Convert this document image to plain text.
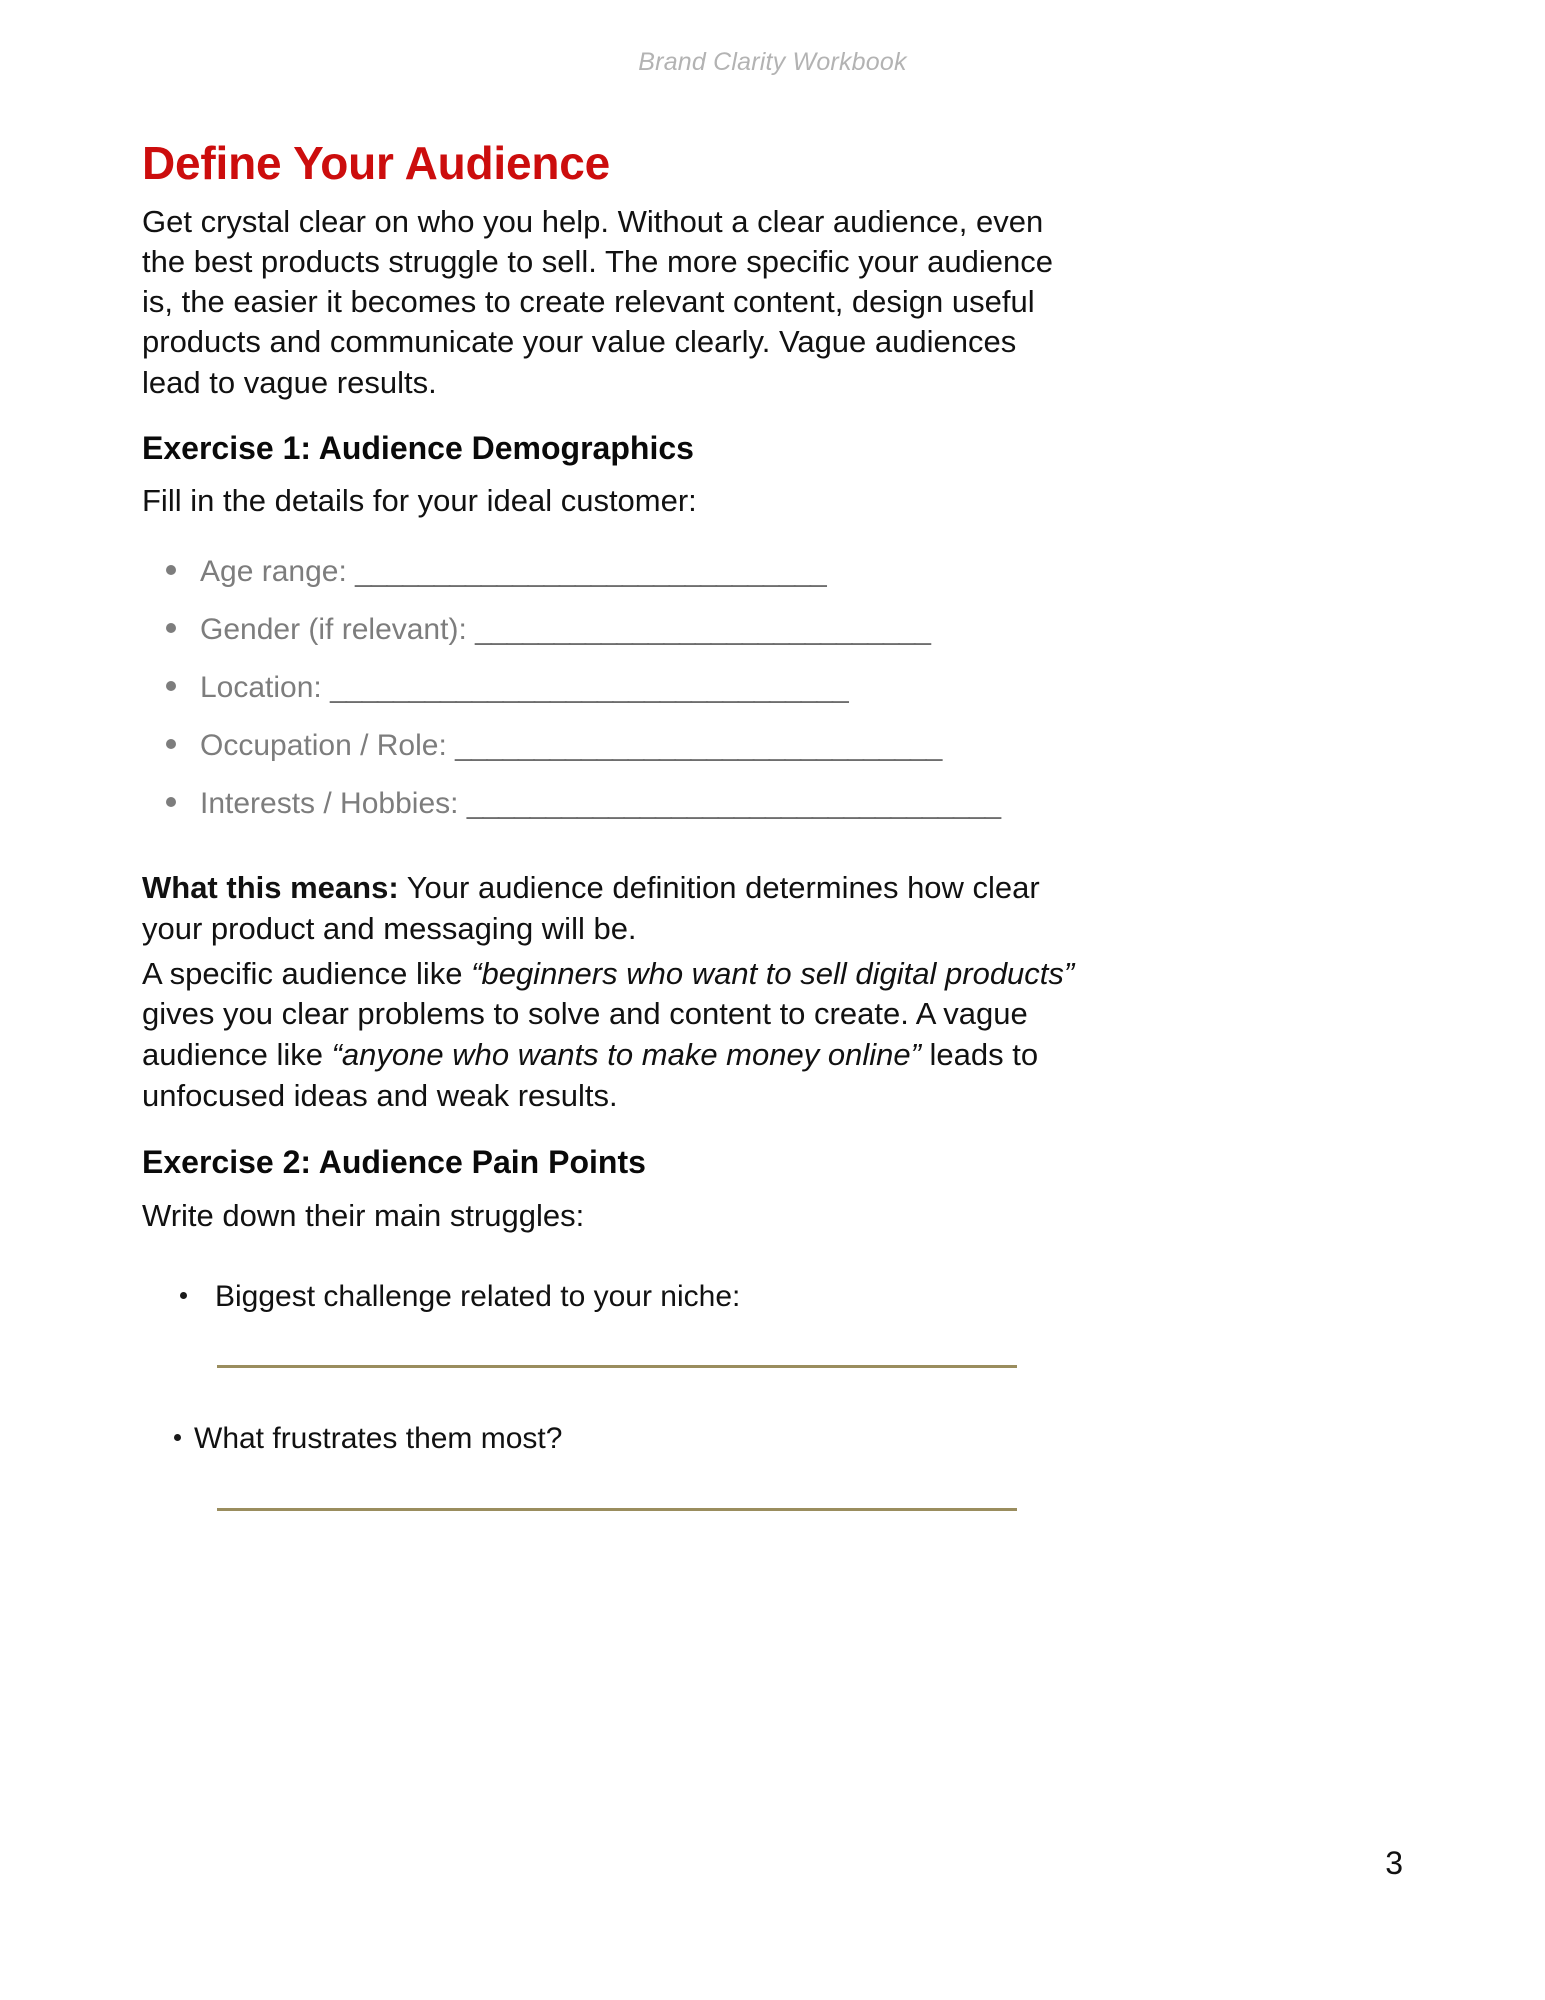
Brand Clarity Workbook
Define Your Audience

Get crystal clear on who you help. Without a clear audience, even the best products struggle to sell. The more specific your audience is, the easier it becomes to create relevant content, design useful products and communicate your value clearly. Vague audiences lead to vague results.

Exercise 1: Audience Demographics

Fill in the details for your ideal customer:

Age range: ______________________________
Gender (if relevant): _____________________________
Location: _________________________________
Occupation / Role: _______________________________
Interests / Hobbies: __________________________________

What this means: Your audience definition determines how clear your product and messaging will be.

A specific audience like “beginners who want to sell digital products” gives you clear problems to solve and content to create. A vague audience like “anyone who wants to make money online” leads to unfocused ideas and weak results.

Exercise 2: Audience Pain Points

Write down their main struggles:

Biggest challenge related to your niche:
What frustrates them most?
3
